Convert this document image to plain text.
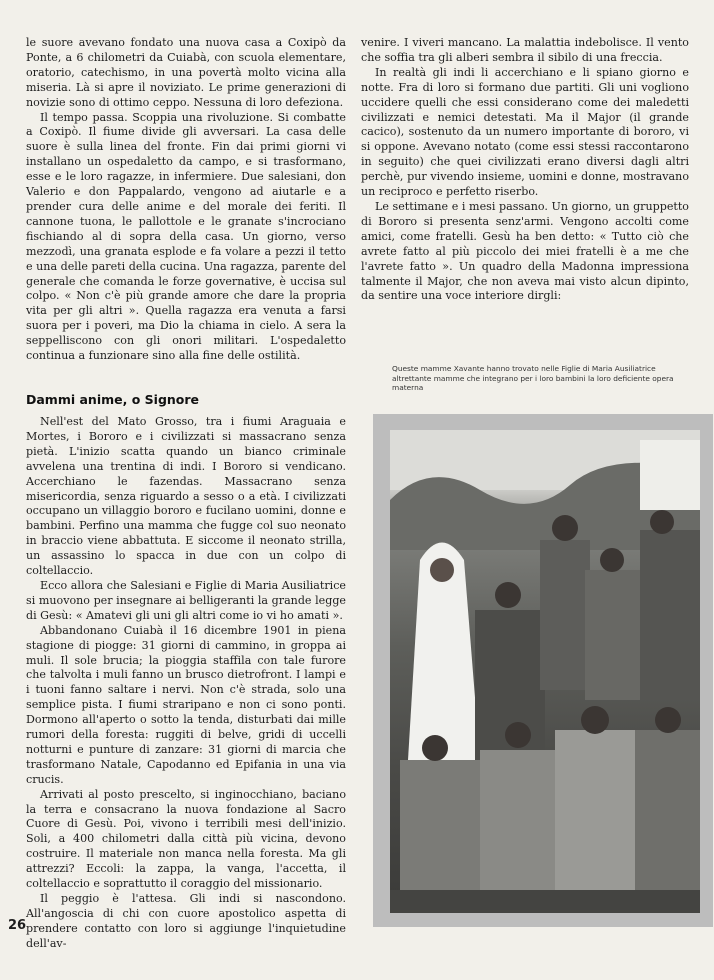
le suore avevano fondato una nuova casa a Coxipò da Ponte, a 6 chilometri da Cuiabà, con scuola elementare, oratorio, catechismo, in una povertà molto vicina alla miseria. Là si apre il noviziato. Le prime generazioni di novizie sono di ottimo ceppo. Nessuna di loro defeziona.

Il tempo passa. Scoppia una rivoluzione. Si combatte a Coxipò. Il fiume divide gli avversari. La casa delle suore è sulla linea del fronte. Fin dai primi giorni vi installano un ospedaletto da campo, e si trasformano, esse e le loro ragazze, in infermiere. Due salesiani, don Valerio e don Pappalardo, vengono ad aiutarle e a prender cura delle anime e del morale dei feriti. Il cannone tuona, le pallottole e le granate s'incrociano fischiando al di sopra della casa. Un giorno, verso mezzodì, una granata esplode e fa volare a pezzi il tetto e una delle pareti della cucina. Una ragazza, parente del generale che comanda le forze governative, è uccisa sul colpo. « Non c'è più grande amore che dare la propria vita per gli altri ». Quella ragazza era venuta a farsi suora per i poveri, ma Dio la chiama in cielo. A sera la seppelliscono con gli onori militari. L'ospedaletto continua a funzionare sino alla fine delle ostilità.

Dammi anime, o Signore

Nell'est del Mato Grosso, tra i fiumi Araguaia e Mortes, i Bororo e i civilizzati si massacrano senza pietà. L'inizio scatta quando un bianco criminale avvelena una trentina di indi. I Bororo si vendicano. Accerchiano le fazendas. Massacrano senza misericordia, senza riguardo a sesso o a età. I civilizzati occupano un villaggio bororo e fucilano uomini, donne e bambini. Perfino una mamma che fugge col suo neonato in braccio viene abbattuta. E siccome il neonato strilla, un assassino lo spacca in due con un colpo di coltellaccio.

Ecco allora che Salesiani e Figlie di Maria Ausiliatrice si muovono per insegnare ai belligeranti la grande legge di Gesù: « Amatevi gli uni gli altri come io vi ho amati ».

Abbandonano Cuiabà il 16 dicembre 1901 in piena stagione di piogge: 31 giorni di cammino, in groppa ai muli. Il sole brucia; la pioggia staffila con tale furore che talvolta i muli fanno un brusco dietrofront. I lampi e i tuoni fanno saltare i nervi. Non c'è strada, solo una semplice pista. I fiumi straripano e non ci sono ponti. Dormono all'aperto o sotto la tenda, disturbati dai mille rumori della foresta: ruggiti di belve, gridi di uccelli notturni e punture di zanzare: 31 giorni di marcia che trasformano Natale, Capodanno ed Epifania in una via crucis.

Arrivati al posto prescelto, si inginocchiano, baciano la terra e consacrano la nuova fondazione al Sacro Cuore di Gesù. Poi, vivono i terribili mesi dell'inizio. Soli, a 400 chilometri dalla città più vicina, devono costruire. Il materiale non manca nella foresta. Ma gli attrezzi? Eccoli: la zappa, la vanga, l'accetta, il coltellaccio e soprattutto il coraggio del missionario.

Il peggio è l'attesa. Gli indi si nascondono. All'angoscia di chi con cuore apostolico aspetta di prendere contatto con loro si aggiunge l'inquietudine dell'av-

venire. I viveri mancano. La malattia indebolisce. Il vento che soffia tra gli alberi sembra il sibilo di una freccia.

In realtà gli indi li accerchiano e li spiano giorno e notte. Fra di loro si formano due partiti. Gli uni vogliono uccidere quelli che essi considerano come dei maledetti civilizzati e nemici detestati. Ma il Major (il grande cacico), sostenuto da un numero importante di bororo, vi si oppone. Avevano notato (come essi stessi raccontarono in seguito) che quei civilizzati erano diversi dagli altri perchè, pur vivendo insieme, uomini e donne, mostravano un reciproco e perfetto riserbo.

Le settimane e i mesi passano. Un giorno, un gruppetto di Bororo si presenta senz'armi. Vengono accolti come amici, come fratelli. Gesù ha ben detto: « Tutto ciò che avrete fatto al più piccolo dei miei fratelli è a me che l'avrete fatto ». Un quadro della Madonna impressiona talmente il Major, che non aveva mai visto alcun dipinto, da sentire una voce interiore dirgli:

Queste mamme Xavante hanno trovato nelle Figlie di Maria Ausiliatrice altrettante mamme che integrano per i loro bambini la loro deficiente opera materna
26
